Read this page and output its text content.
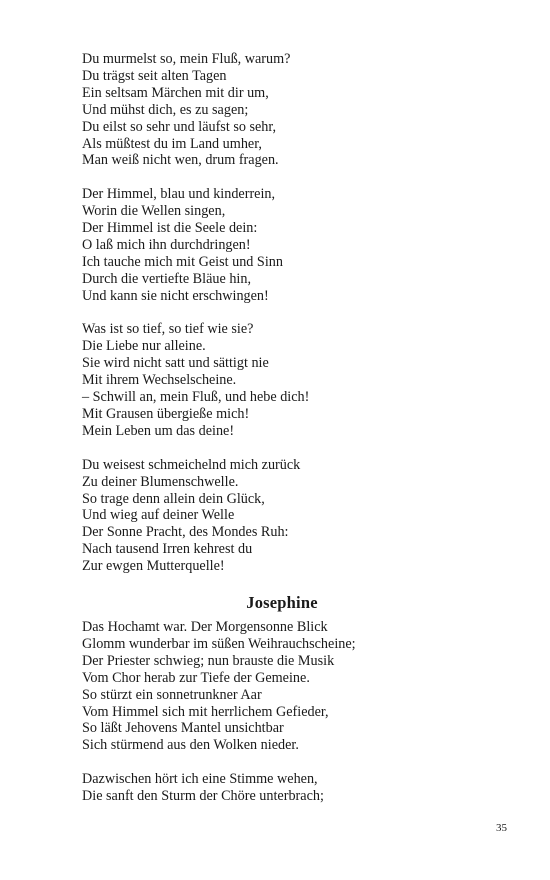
Du murmelst so, mein Fluß, warum?
Du trägst seit alten Tagen
Ein seltsam Märchen mit dir um,
Und mühst dich, es zu sagen;
Du eilst so sehr und läufst so sehr,
Als müßtest du im Land umher,
Man weiß nicht wen, drum fragen.
Der Himmel, blau und kinderrein,
Worin die Wellen singen,
Der Himmel ist die Seele dein:
O laß mich ihn durchdringen!
Ich tauche mich mit Geist und Sinn
Durch die vertiefte Bläue hin,
Und kann sie nicht erschwingen!
Was ist so tief, so tief wie sie?
Die Liebe nur alleine.
Sie wird nicht satt und sättigt nie
Mit ihrem Wechselscheine.
– Schwill an, mein Fluß, und hebe dich!
Mit Grausen übergieße mich!
Mein Leben um das deine!
Du weisest schmeichelnd mich zurück
Zu deiner Blumenschwelle.
So trage denn allein dein Glück,
Und wieg auf deiner Welle
Der Sonne Pracht, des Mondes Ruh:
Nach tausend Irren kehrest du
Zur ewgen Mutterquelle!
Josephine
Das Hochamt war. Der Morgensonne Blick
Glomm wunderbar im süßen Weihrauchscheine;
Der Priester schwieg; nun brauste die Musik
Vom Chor herab zur Tiefe der Gemeine.
So stürzt ein sonnetrunkner Aar
Vom Himmel sich mit herrlichem Gefieder,
So läßt Jehovens Mantel unsichtbar
Sich stürmend aus den Wolken nieder.
Dazwischen hört ich eine Stimme wehen,
Die sanft den Sturm der Chöre unterbrach;
35
